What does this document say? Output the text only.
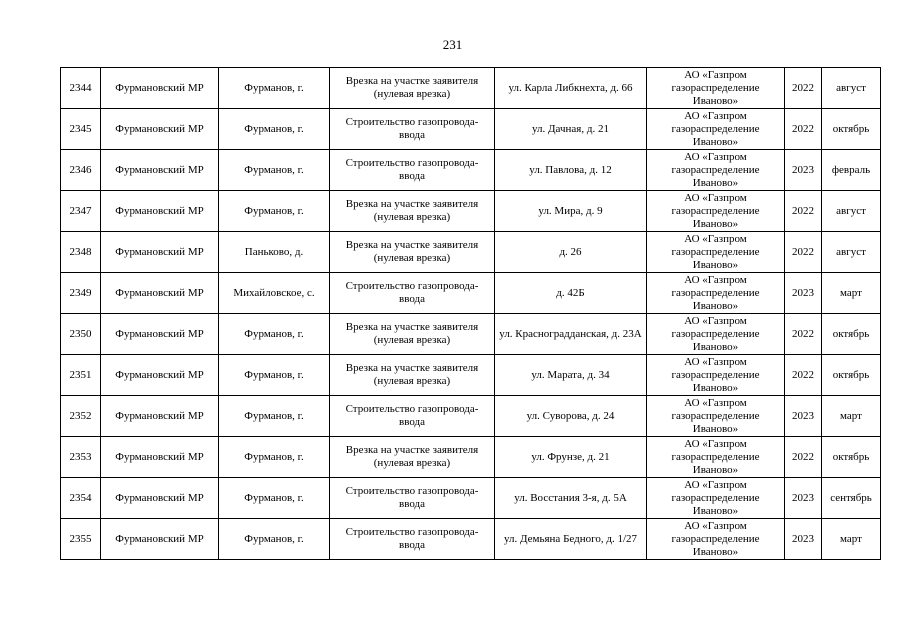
231
2344	Фурмановский МР	Фурманов, г.	Врезка на участке заявителя (нулевая врезка)	ул. Карла Либкнехта, д. 66	АО «Газпром газораспределение Иваново»	2022	август
2345	Фурмановский МР	Фурманов, г.	Строительство газопровода-ввода	ул. Дачная, д. 21	АО «Газпром газораспределение Иваново»	2022	октябрь
2346	Фурмановский МР	Фурманов, г.	Строительство газопровода-ввода	ул. Павлова, д. 12	АО «Газпром газораспределение Иваново»	2023	февраль
2347	Фурмановский МР	Фурманов, г.	Врезка на участке заявителя (нулевая врезка)	ул. Мира, д. 9	АО «Газпром газораспределение Иваново»	2022	август
2348	Фурмановский МР	Паньково, д.	Врезка на участке заявителя (нулевая врезка)	д. 26	АО «Газпром газораспределение Иваново»	2022	август
2349	Фурмановский МР	Михайловское, с.	Строительство газопровода-ввода	д. 42Б	АО «Газпром газораспределение Иваново»	2023	март
2350	Фурмановский МР	Фурманов, г.	Врезка на участке заявителя (нулевая врезка)	ул. Красноградданская, д. 23А	АО «Газпром газораспределение Иваново»	2022	октябрь
2351	Фурмановский МР	Фурманов, г.	Врезка на участке заявителя (нулевая врезка)	ул. Марата, д. 34	АО «Газпром газораспределение Иваново»	2022	октябрь
2352	Фурмановский МР	Фурманов, г.	Строительство газопровода-ввода	ул. Суворова, д. 24	АО «Газпром газораспределение Иваново»	2023	март
2353	Фурмановский МР	Фурманов, г.	Врезка на участке заявителя (нулевая врезка)	ул. Фрунзе, д. 21	АО «Газпром газораспределение Иваново»	2022	октябрь
2354	Фурмановский МР	Фурманов, г.	Строительство газопровода-ввода	ул. Восстания 3-я, д. 5А	АО «Газпром газораспределение Иваново»	2023	сентябрь
2355	Фурмановский МР	Фурманов, г.	Строительство газопровода-ввода	ул. Демьяна Бедного, д. 1/27	АО «Газпром газораспределение Иваново»	2023	март
